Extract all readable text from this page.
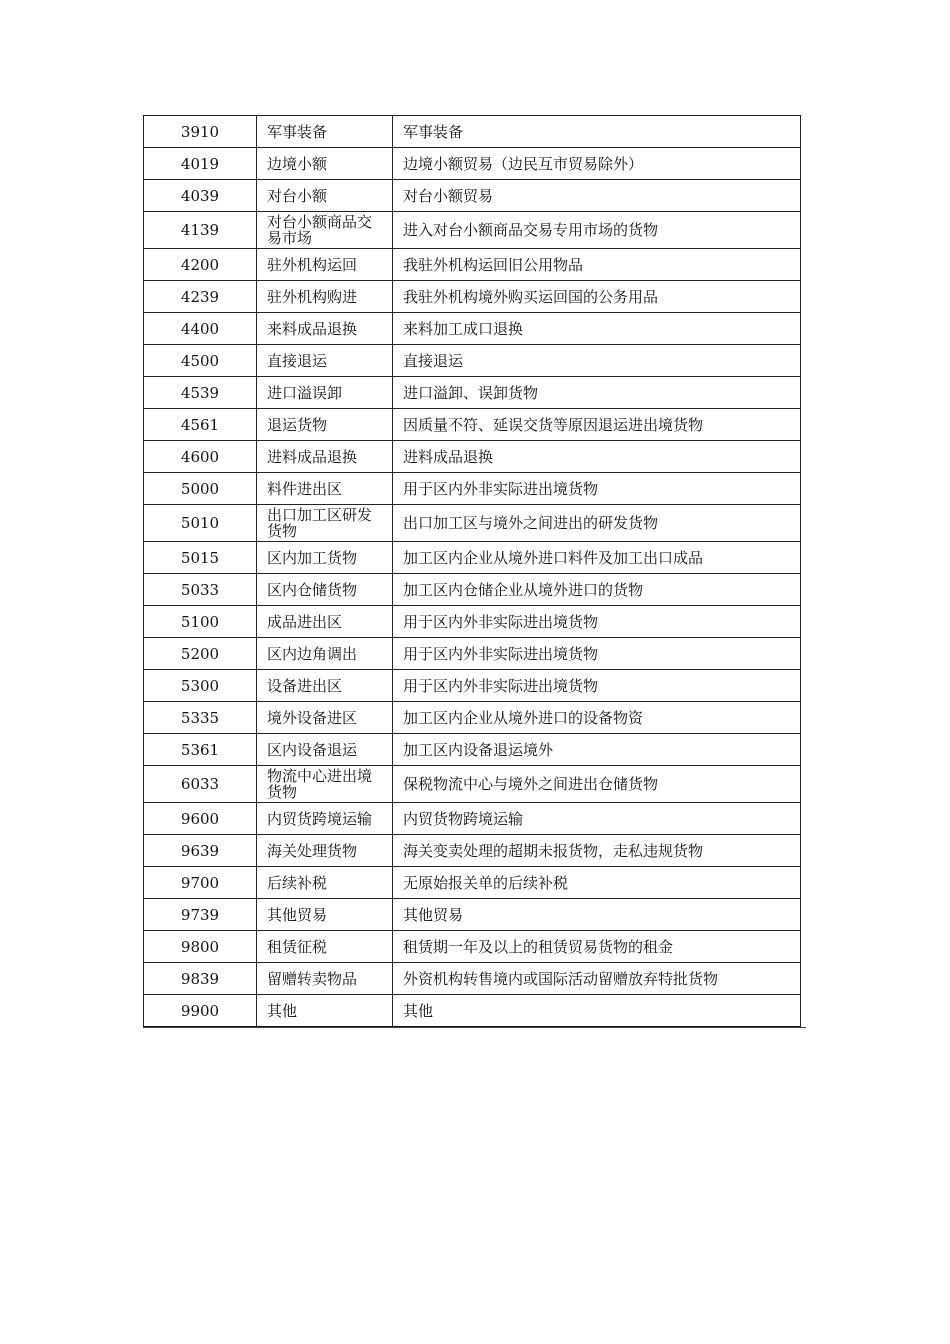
3910	军事装备	军事装备
4019	边境小额	边境小额贸易（边民互市贸易除外）
4039	对台小额	对台小额贸易
4139	对台小额商品交易市场	进入对台小额商品交易专用市场的货物
4200	驻外机构运回	我驻外机构运回旧公用物品
4239	驻外机构购进	我驻外机构境外购买运回国的公务用品
4400	来料成品退换	来料加工成口退换
4500	直接退运	直接退运
4539	进口溢误卸	进口溢卸、误卸货物
4561	退运货物	因质量不符、延误交货等原因退运进出境货物
4600	进料成品退换	进料成品退换
5000	料件进出区	用于区内外非实际进出境货物
5010	出口加工区研发货物	出口加工区与境外之间进出的研发货物
5015	区内加工货物	加工区内企业从境外进口料件及加工出口成品
5033	区内仓储货物	加工区内仓储企业从境外进口的货物
5100	成品进出区	用于区内外非实际进出境货物
5200	区内边角调出	用于区内外非实际进出境货物
5300	设备进出区	用于区内外非实际进出境货物
5335	境外设备进区	加工区内企业从境外进口的设备物资
5361	区内设备退运	加工区内设备退运境外
6033	物流中心进出境货物	保税物流中心与境外之间进出仓储货物
9600	内贸货跨境运输	内贸货物跨境运输
9639	海关处理货物	海关变卖处理的超期未报货物，走私违规货物
9700	后续补税	无原始报关单的后续补税
9739	其他贸易	其他贸易
9800	租赁征税	租赁期一年及以上的租赁贸易货物的租金
9839	留赠转卖物品	外资机构转售境内或国际活动留赠放弃特批货物
9900	其他	其他
